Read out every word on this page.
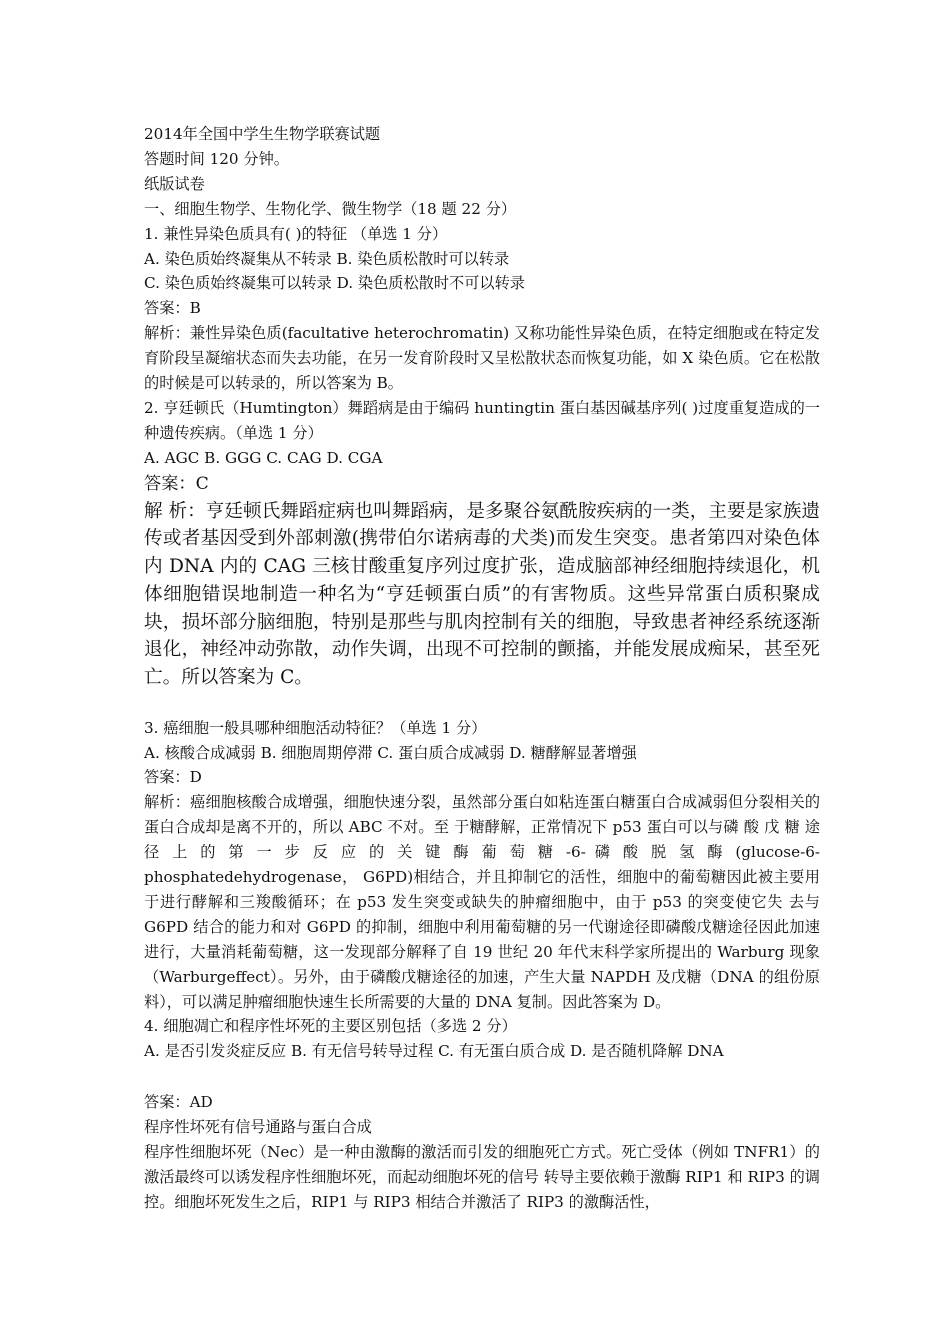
2014年全国中学生生物学联赛试题
答题时间 120 分钟。
纸版试卷
一、细胞生物学、生物化学、微生物学（18 题 22 分）
1. 兼性异染色质具有( )的特征 （单选 1 分）
A. 染色质始终凝集从不转录 B. 染色质松散时可以转录
C. 染色质始终凝集可以转录 D. 染色质松散时不可以转录
答案：B
解析：兼性异染色质(facultative heterochromatin) 又称功能性异染色质，在特定细胞或在特定发育阶段呈凝缩状态而失去功能，在另一发育阶段时又呈松散状态而恢复功能，如 X 染色质。它在松散的时候是可以转录的，所以答案为 B。
2. 亨廷顿氏（Humtington）舞蹈病是由于编码 huntingtin 蛋白基因碱基序列( )过度重复造成的一种遗传疾病。（单选 1 分）
A. AGC B. GGG C. CAG D. CGA
答案：C
解 析：亨廷顿氏舞蹈症病也叫舞蹈病，是多聚谷氨酰胺疾病的一类，主要是家族遗传或者基因受到外部刺激(携带伯尔诺病毒的犬类)而发生突变。患者第四对染色体 内 DNA 内的 CAG 三核甘酸重复序列过度扩张，造成脑部神经细胞持续退化，机体细胞错误地制造一种名为“亨廷顿蛋白质”的有害物质。这些异常蛋白质积聚成 块，损坏部分脑细胞，特别是那些与肌肉控制有关的细胞，导致患者神经系统逐渐退化，神经冲动弥散，动作失调，出现不可控制的颤搐，并能发展成痴呆，甚至死 亡。所以答案为 C。
3. 癌细胞一般具哪种细胞活动特征？（单选 1 分）
A. 核酸合成减弱 B. 细胞周期停滞 C. 蛋白质合成减弱 D. 糖酵解显著增强
答案：D
解析：癌细胞核酸合成增强，细胞快速分裂，虽然部分蛋白如粘连蛋白糖蛋白合成减弱但分裂相关的蛋白合成却是离不开的，所以 ABC 不对。至 于糖酵解，正常情况下 p53 蛋白可以与磷 酸 戊 糖 途 径 上 的 第 一 步 反 应 的 关 键 酶 葡 萄 糖 -6- 磷 酸 脱 氢 酶 (glucose-6-phosphatedehydrogenase， G6PD)相结合，并且抑制它的活性，细胞中的葡萄糖因此被主要用于进行酵解和三羧酸循环；在 p53 发生突变或缺失的肿瘤细胞中，由于 p53 的突变使它失 去与 G6PD 结合的能力和对 G6PD 的抑制，细胞中利用葡萄糖的另一代谢途径即磷酸戊糖途径因此加速进行，大量消耗葡萄糖，这一发现部分解释了自 19 世纪 20 年代末科学家所提出的 Warburg 现象（Warburgeffect）。另外，由于磷酸戊糖途径的加速，产生大量 NAPDH 及戊糖（DNA 的组份原 料），可以满足肿瘤细胞快速生长所需要的大量的 DNA 复制。因此答案为 D。
4. 细胞凋亡和程序性坏死的主要区别包括（多选 2 分）
A. 是否引发炎症反应 B. 有无信号转导过程 C. 有无蛋白质合成 D. 是否随机降解 DNA
答案：AD
程序性坏死有信号通路与蛋白合成
程序性细胞坏死（Nec）是一种由激酶的激活而引发的细胞死亡方式。死亡受体（例如 TNFR1）的激活最终可以诱发程序性细胞坏死，而起动细胞坏死的信号 转导主要依赖于激酶 RIP1 和 RIP3 的调控。细胞坏死发生之后，RIP1 与 RIP3 相结合并激活了 RIP3 的激酶活性，
